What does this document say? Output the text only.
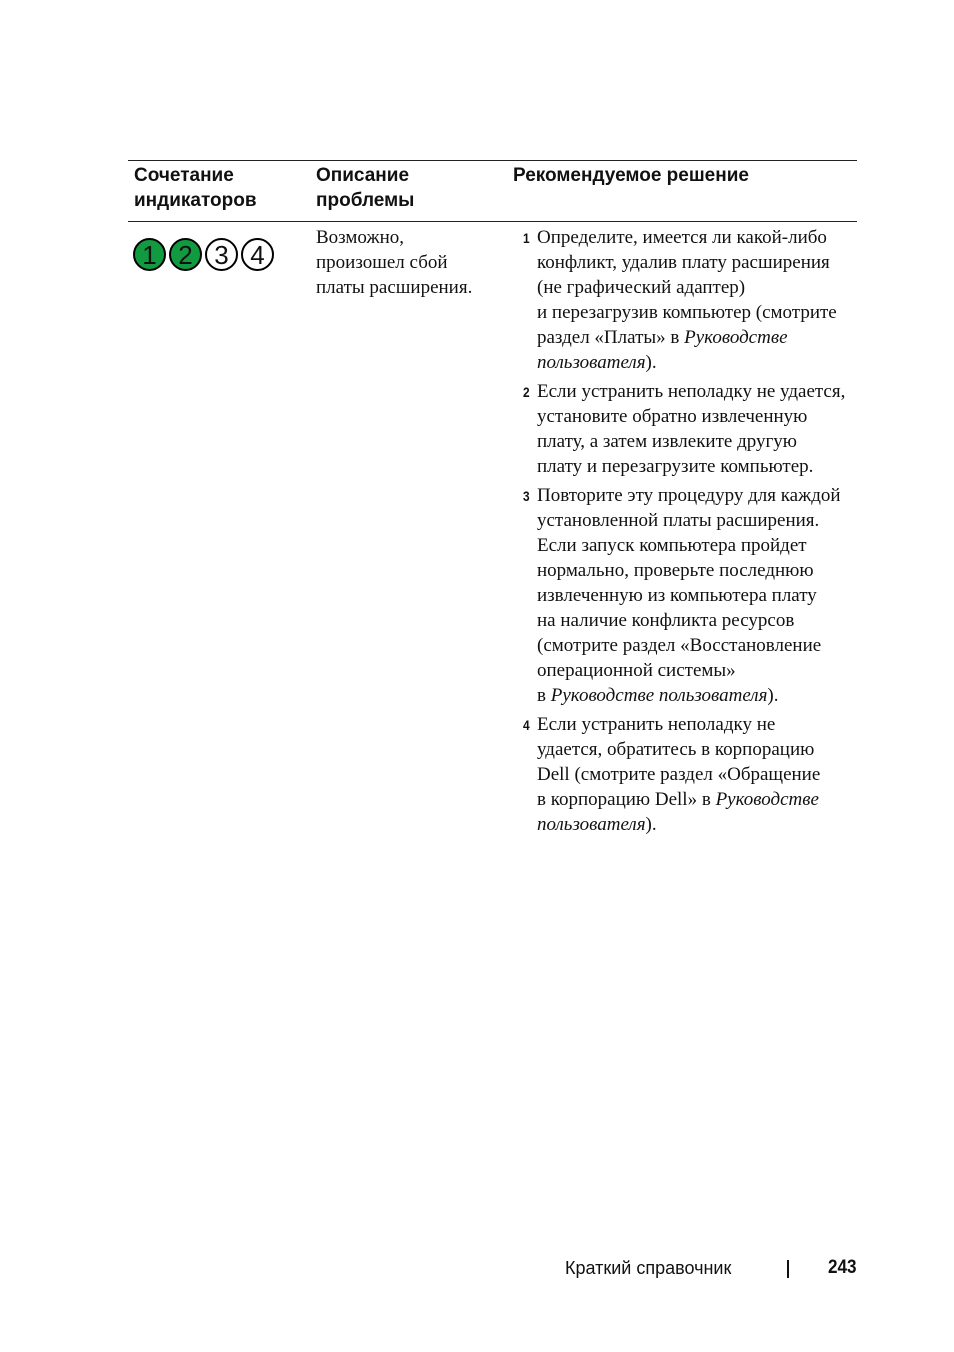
Сочетание
индикаторов
Описание
проблемы
Рекомендуемое решение
1 2 3 4
Возможно,
произошел сбой
платы расширения.
1 Определите, имеется ли какой-либо
конфликт, удалив плату расширения
(не графический адаптер)
и перезагрузив компьютер (смотрите
раздел «Платы» в Руководстве
пользователя).
2 Если устранить неполадку не удается,
установите обратно извлеченную
плату, а затем извлеките другую
плату и перезагрузите компьютер.
3 Повторите эту процедуру для каждой
установленной платы расширения.
Если запуск компьютера пройдет
нормально, проверьте последнюю
извлеченную из компьютера плату
на наличие конфликта ресурсов
(смотрите раздел «Восстановление
операционной системы»
в Руководстве пользователя).
4 Если устранить неполадку не
удается, обратитесь в корпорацию
Dell (смотрите раздел «Обращение
в корпорацию Dell» в Руководстве
пользователя).
Краткий справочник	243
